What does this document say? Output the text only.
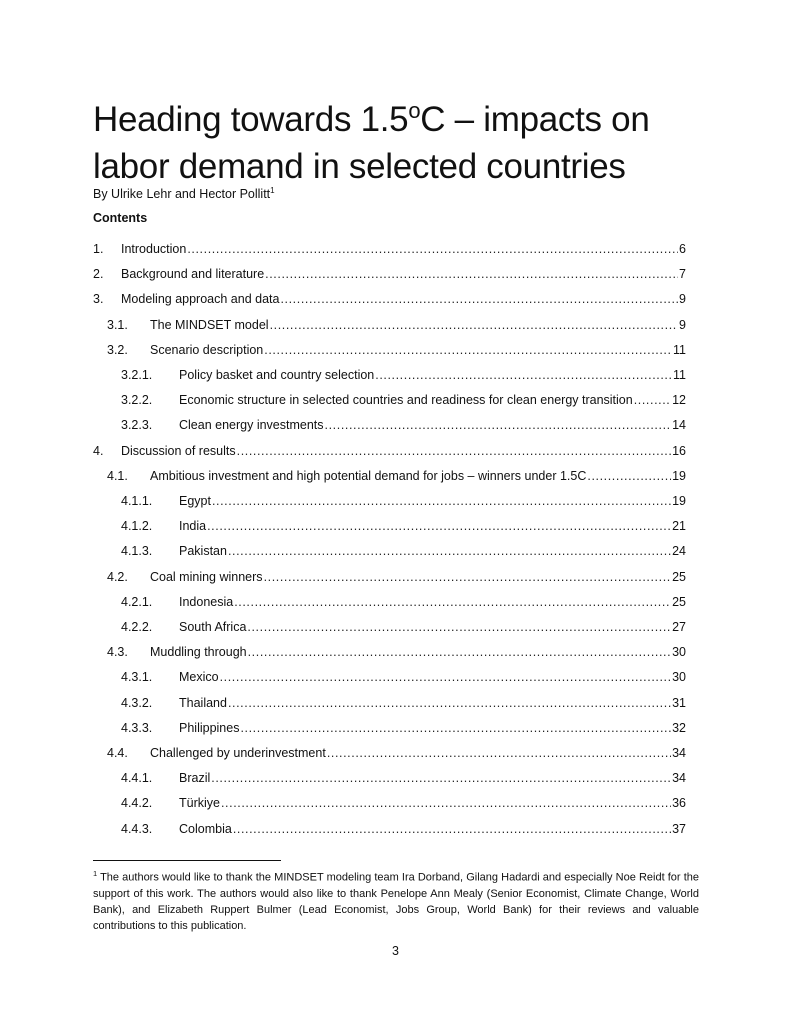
Heading towards 1.5$^o$C – impacts on labor demand in selected countries
By Ulrike Lehr and Hector Pollitt$^1$
Contents
1. Introduction .....	6
2. Background and literature .....	7
3. Modeling approach and data .....	9
3.1. The MINDSET model .....	9
3.2. Scenario description .....	11
3.2.1. Policy basket and country selection .....	11
3.2.2. Economic structure in selected countries and readiness for clean energy transition .....	12
3.2.3. Clean energy investments .....	14
4. Discussion of results .....	16
4.1. Ambitious investment and high potential demand for jobs – winners under 1.5C .....	19
4.1.1. Egypt .....	19
4.1.2. India .....	21
4.1.3. Pakistan .....	24
4.2. Coal mining winners .....	25
4.2.1. Indonesia .....	25
4.2.2. South Africa .....	27
4.3. Muddling through .....	30
4.3.1. Mexico .....	30
4.3.2. Thailand .....	31
4.3.3. Philippines .....	32
4.4. Challenged by underinvestment .....	34
4.4.1. Brazil .....	34
4.4.2. Türkiye .....	36
4.4.3. Colombia .....	37
$^1$ The authors would like to thank the MINDSET modeling team Ira Dorband, Gilang Hadardi and especially Noe Reidt for the support of this work. The authors would also like to thank Penelope Ann Mealy (Senior Economist, Climate Change, World Bank), and Elizabeth Ruppert Bulmer (Lead Economist, Jobs Group, World Bank) for their reviews and valuable contributions to this publication.
3
